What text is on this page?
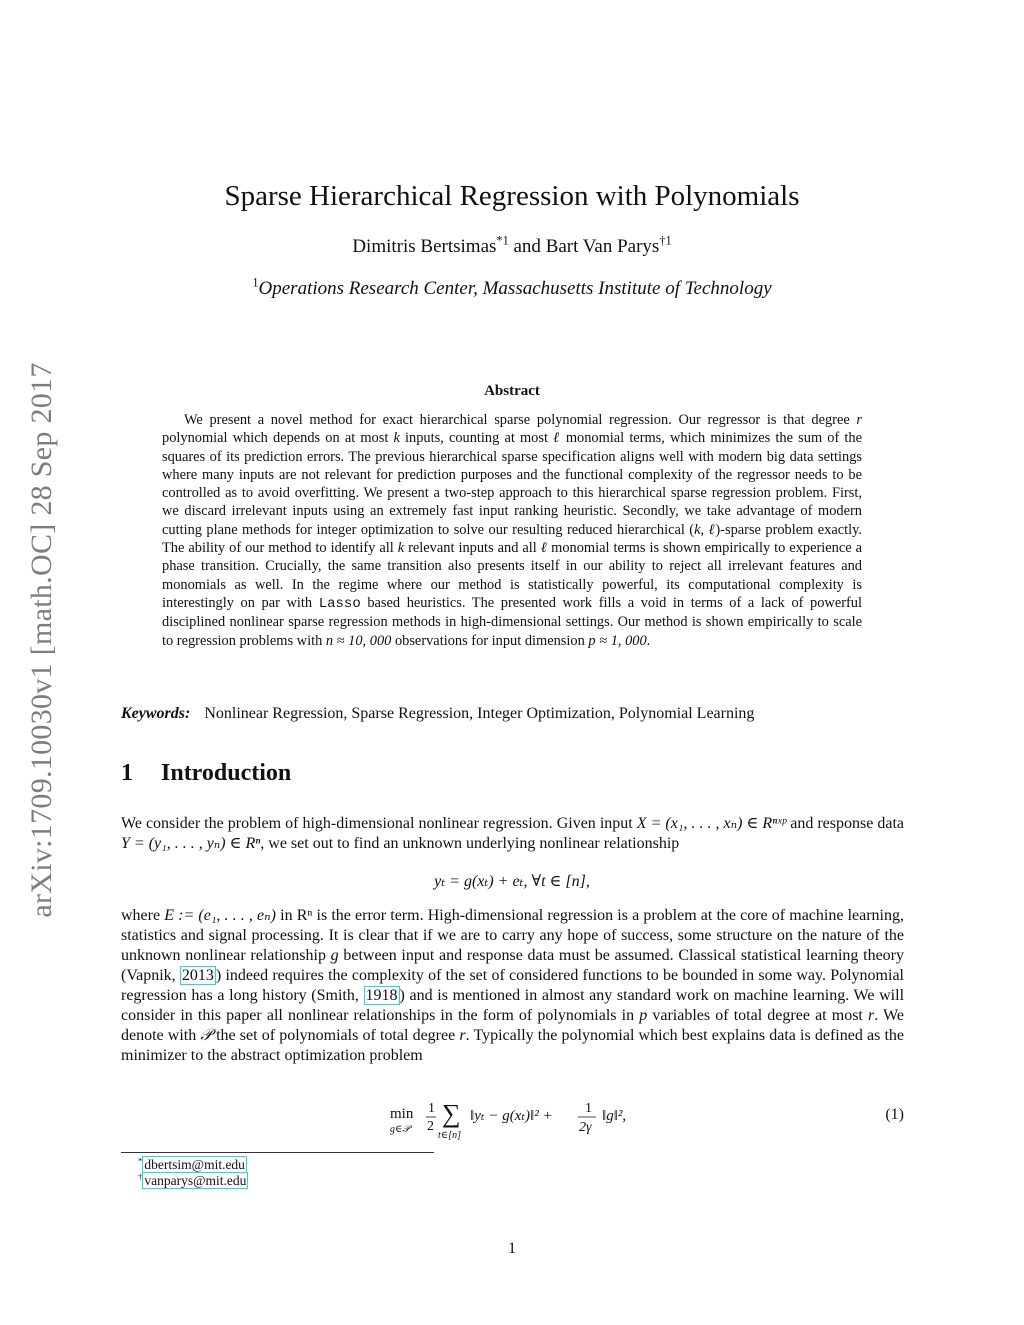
arXiv:1709.10030v1 [math.OC] 28 Sep 2017
Sparse Hierarchical Regression with Polynomials
Dimitris Bertsimas$^{*1}$ and Bart Van Parys$^{\dagger 1}$
$^1$Operations Research Center, Massachusetts Institute of Technology
Abstract
We present a novel method for exact hierarchical sparse polynomial regression. Our regressor is that degree r polynomial which depends on at most k inputs, counting at most ℓ monomial terms, which minimizes the sum of the squares of its prediction errors. The previous hierarchical sparse specification aligns well with modern big data settings where many inputs are not relevant for prediction purposes and the functional complexity of the regressor needs to be controlled as to avoid overfitting. We present a two-step approach to this hierarchical sparse regression problem. First, we discard irrelevant inputs using an extremely fast input ranking heuristic. Secondly, we take advantage of modern cutting plane methods for integer optimization to solve our resulting reduced hierarchical (k, ℓ)-sparse problem exactly. The ability of our method to identify all k relevant inputs and all ℓ monomial terms is shown empirically to experience a phase transition. Crucially, the same transition also presents itself in our ability to reject all irrelevant features and monomials as well. In the regime where our method is statistically powerful, its computational complexity is interestingly on par with Lasso based heuristics. The presented work fills a void in terms of a lack of powerful disciplined nonlinear sparse regression methods in high-dimensional settings. Our method is shown empirically to scale to regression problems with n ≈ 10, 000 observations for input dimension p ≈ 1, 000.
Keywords: Nonlinear Regression, Sparse Regression, Integer Optimization, Polynomial Learning
1 Introduction
We consider the problem of high-dimensional nonlinear regression. Given input X = (x₁, . . . , xₙ) ∈ Rⁿˣᵖ and response data Y = (y₁, . . . , yₙ) ∈ Rⁿ, we set out to find an unknown underlying nonlinear relationship
yₜ = g(xₜ) + eₜ, ∀t ∈ [n],
where E := (e₁, . . . , eₙ) in Rⁿ is the error term. High-dimensional regression is a problem at the core of machine learning, statistics and signal processing. It is clear that if we are to carry any hope of success, some structure on the nature of the unknown nonlinear relationship g between input and response data must be assumed. Classical statistical learning theory (Vapnik, 2013 ) indeed requires the complexity of the set of considered functions to be bounded in some way. Polynomial regression has a long history (Smith, 1918 ) and is mentioned in almost any standard work on machine learning. We will consider in this paper all nonlinear relationships in the form of polynomials in p variables of total degree at most r. We denote with 𝒫 the set of polynomials of total degree r. Typically the polynomial which best explains data is defined as the minimizer to the abstract optimization problem
min
g∈𝒫
1
2 ∑
t∈[n]
‖yₜ − g(xₜ)‖² + 1
2γ
‖g‖²,	(1)
* dbertsim@mit.edu
† vanparys@mit.edu
1
